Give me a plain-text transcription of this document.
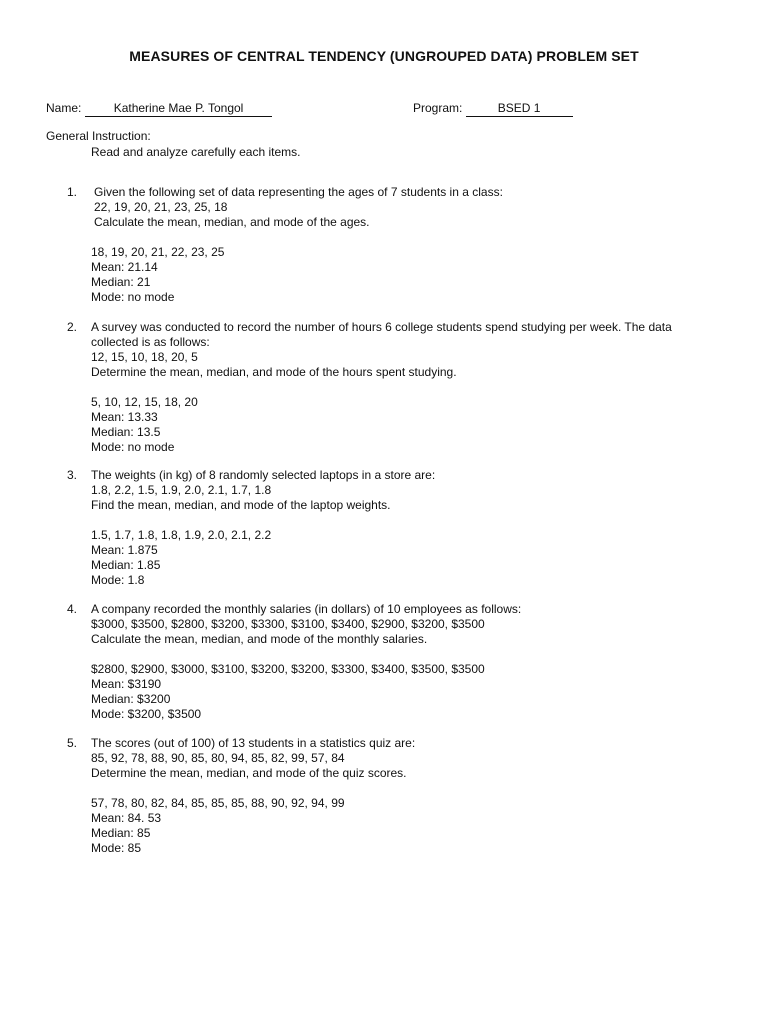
MEASURES OF CENTRAL TENDENCY (UNGROUPED DATA) PROBLEM SET
Name:	Katherine Mae P. Tongol	Program:	BSED 1
General Instruction:
Read and analyze carefully each items.
1. Given the following set of data representing the ages of 7 students in a class:
22, 19, 20, 21, 23, 25, 18
Calculate the mean, median, and mode of the ages.
18, 19, 20, 21, 22, 23, 25
Mean: 21.14
Median: 21
Mode: no mode
2. A survey was conducted to record the number of hours 6 college students spend studying per week. The data collected is as follows:
12, 15, 10, 18, 20, 5
Determine the mean, median, and mode of the hours spent studying.
5, 10, 12, 15, 18, 20
Mean: 13.33
Median: 13.5
Mode: no mode
3. The weights (in kg) of 8 randomly selected laptops in a store are:
1.8, 2.2, 1.5, 1.9, 2.0, 2.1, 1.7, 1.8
Find the mean, median, and mode of the laptop weights.
1.5, 1.7, 1.8, 1.8, 1.9, 2.0, 2.1, 2.2
Mean: 1.875
Median: 1.85
Mode: 1.8
4. A company recorded the monthly salaries (in dollars) of 10 employees as follows:
$3000, $3500, $2800, $3200, $3300, $3100, $3400, $2900, $3200, $3500
Calculate the mean, median, and mode of the monthly salaries.
$2800, $2900, $3000, $3100, $3200, $3200, $3300, $3400, $3500, $3500
Mean: $3190
Median: $3200
Mode: $3200, $3500
5. The scores (out of 100) of 13 students in a statistics quiz are:
85, 92, 78, 88, 90, 85, 80, 94, 85, 82, 99, 57, 84
Determine the mean, median, and mode of the quiz scores.
57, 78, 80, 82, 84, 85, 85, 85, 88, 90, 92, 94, 99
Mean: 84. 53
Median: 85
Mode: 85
